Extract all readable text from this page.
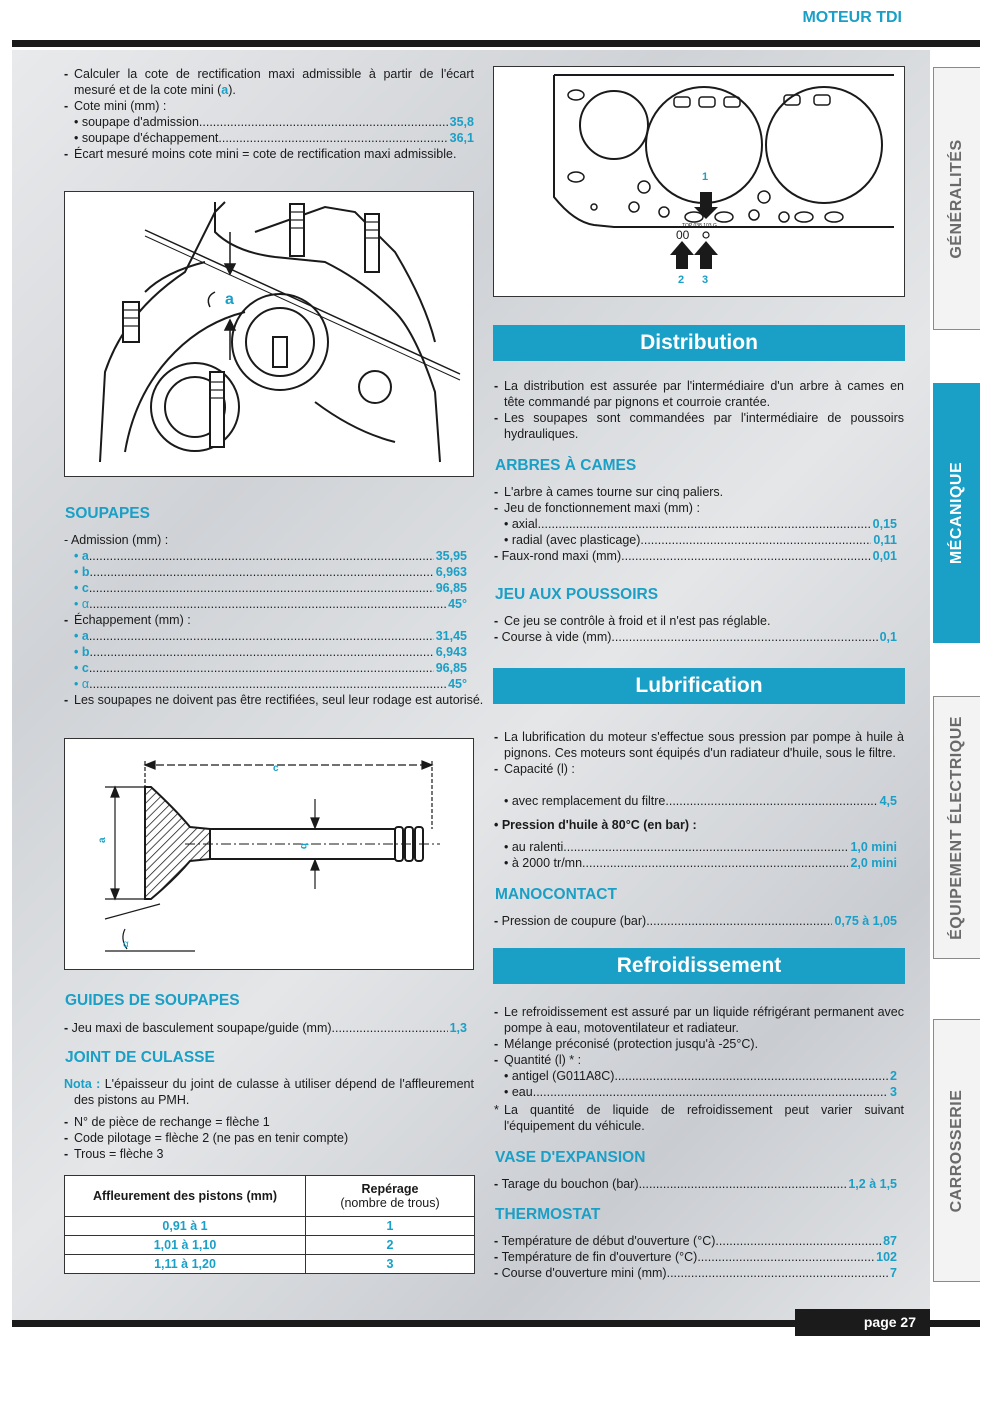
MOTEUR TDI
GÉNÉRALITÉS
MÉCANIQUE
ÉQUIPEMENT ÉLECTRIQUE
CARROSSERIE
- Calculer la cote de rectification maxi admissible à partir de l'écart mesuré et de la cote mini (a).
- Cote mini (mm) :
• soupape d'admission .....	35,8
• soupape d'échappement .....	36,1
- Écart mesuré moins cote mini = cote de rectification maxi admissible.
a
SOUPAPES
- Admission (mm) :
• a .....	35,95
• b .....	6,963
• c .....	96,85
• α .....	45°
- Échappement (mm) :
• a .....	31,45
• b .....	6,943
• c .....	96,85
• α .....	45°
- Les soupapes ne doivent pas être rectifiées, seul leur rodage est autorisé.
c
a
b
α
GUIDES DE SOUPAPES
- Jeu maxi de basculement soupape/guide (mm) .....	1,3
JOINT DE CULASSE
Nota : L'épaisseur du joint de culasse à utiliser dépend de l'affleurement des pistons au PMH.
- N° de pièce de rechange = flèche 1
- Code pilotage = flèche 2 (ne pas en tenir compte)
- Trous = flèche 3
Affleurement des pistons (mm)	Repérage
(nombre de trous)

0,91 à 1	1
1,01 à 1,10	2
1,11 à 1,20	3
TOP 038 103 G
00
1
2 3
Distribution
- La distribution est assurée par l'intermédiaire d'un arbre à cames en tête commandé par pignons et courroie crantée.
- Les soupapes sont commandées par l'intermédiaire de poussoirs hydrauliques.
ARBRES À CAMES
- L'arbre à cames tourne sur cinq paliers.
- Jeu de fonctionnement maxi (mm) :
• axial .....	0,15
• radial (avec plasticage) .....	0,11
- Faux-rond maxi (mm) .....	0,01
JEU AUX POUSSOIRS
- Ce jeu se contrôle à froid et il n'est pas réglable.
- Course à vide (mm) .....	0,1
Lubrification
- La lubrification du moteur s'effectue sous pression par pompe à huile à pignons. Ces moteurs sont équipés d'un radiateur d'huile, sous le filtre.
- Capacité (l) :
• avec remplacement du filtre .....	4,5
• Pression d'huile à 80°C (en bar) :
• au ralenti .....	1,0 mini
• à 2000 tr/mn .....	2,0 mini
MANOCONTACT
- Pression de coupure (bar) .....	0,75 à 1,05
Refroidissement
- Le refroidissement est assuré par un liquide réfrigérant permanent avec pompe à eau, motoventilateur et radiateur.
- Mélange préconisé (protection jusqu'à -25°C).
- Quantité (l) * :
• antigel (G011A8C) .....	2
• eau .....	3
* La quantité de liquide de refroidissement peut varier suivant l'équipement du véhicule.
VASE D'EXPANSION
- Tarage du bouchon (bar) .....	1,2 à 1,5
THERMOSTAT
- Température de début d'ouverture (°C) .....	87
- Température de fin d'ouverture (°C) .....	102
- Course d'ouverture mini (mm) .....	7
page 27
